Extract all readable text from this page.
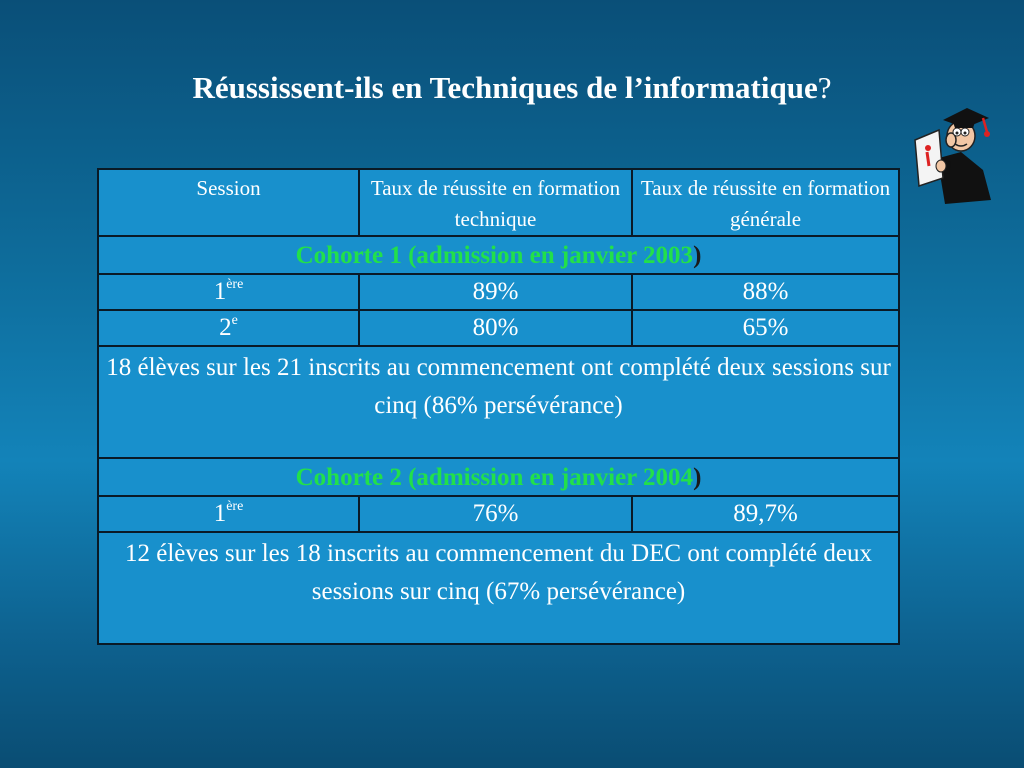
Réussissent-ils en Techniques de l’informatique?
Session	Taux de réussite en formation technique	Taux de réussite en formation générale
Cohorte 1 (admission en janvier 2003)		
1ère	89%	88%
2e	80%	65%
18 élèves sur les 21 inscrits au commencement ont complété deux sessions sur cinq (86% persévérance)		
Cohorte 2 (admission en janvier 2004)		
1ère	76%	89,7%
12 élèves sur les 18 inscrits au commencement du DEC ont complété deux sessions sur cinq (67% persévérance)		
